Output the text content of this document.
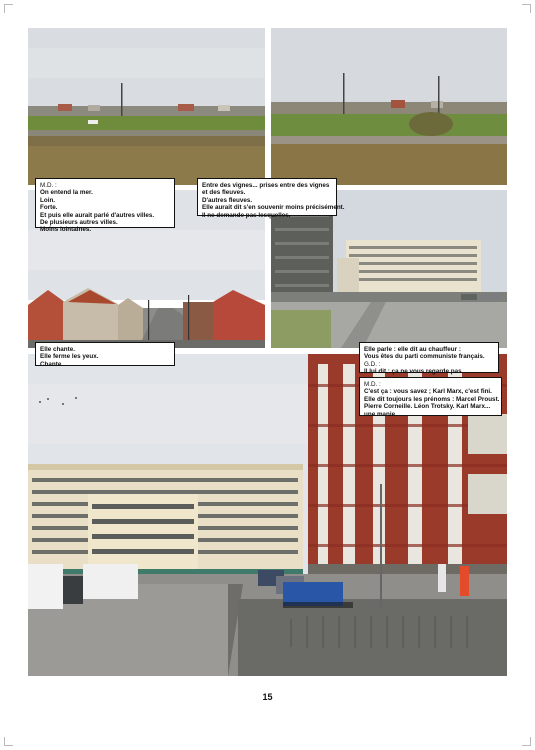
M.D. :
On entend la mer.
Loin.
Forte.
Et puis elle aurait parlé d'autres villes.
De plusieurs autres villes.
Moins lointaines.
Entre des vignes... prises entre des vignes
et des fleuves.
D'autres fleuves.
Elle aurait dit s'en souvenir moins précisément.
Il ne demande pas lesquelles.
Elle chante.
Elle ferme les yeux.
Chante.
Elle parle : elle dit au chauffeur :
Vous êtes du parti communiste français.
G.D. :
Il lui dit : ça ne vous regarde pas.
M.D. :
C'est ça : vous savez ; Karl Marx, c'est fini.
Elle dit toujours les prénoms : Marcel Proust.
Pierre Corneille. Léon Trotsky. Karl Marx...
une manie...
15
